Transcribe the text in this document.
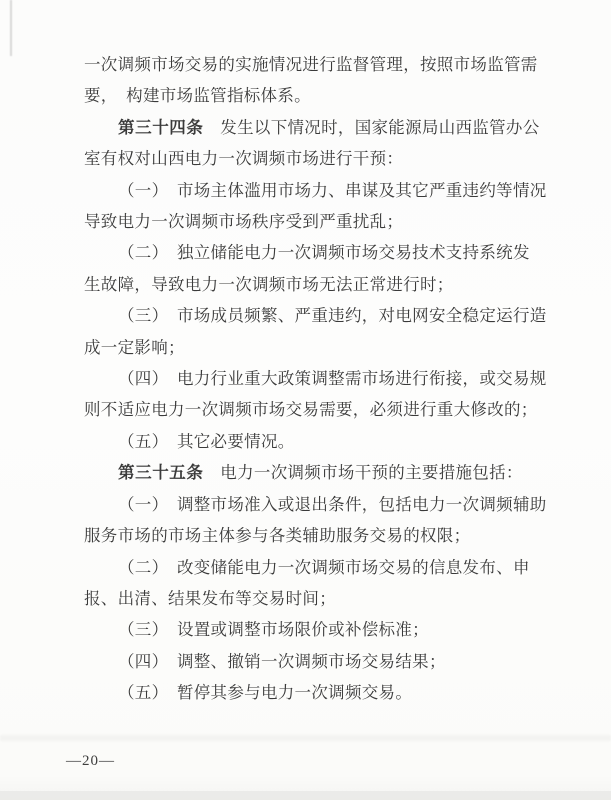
一次调频市场交易的实施情况进行监督管理，按照市场监管需
要，　构建市场监管指标体系。
第三十四条　发生以下情况时，国家能源局山西监管办公
室有权对山西电力一次调频市场进行干预：
（一）　市场主体滥用市场力、串谋及其它严重违约等情况
导致电力一次调频市场秩序受到严重扰乱；
（二）　独立储能电力一次调频市场交易技术支持系统发
生故障，导致电力一次调频市场无法正常进行时；
（三）　市场成员频繁、严重违约，对电网安全稳定运行造
成一定影响；
（四）　电力行业重大政策调整需市场进行衔接，或交易规
则不适应电力一次调频市场交易需要，必须进行重大修改的；
（五）　其它必要情况。
第三十五条　电力一次调频市场干预的主要措施包括：
（一）　调整市场准入或退出条件，包括电力一次调频辅助
服务市场的市场主体参与各类辅助服务交易的权限；
（二）　改变储能电力一次调频市场交易的信息发布、申
报、出清、结果发布等交易时间；
（三）　设置或调整市场限价或补偿标准；
（四）　调整、撤销一次调频市场交易结果；
（五）　暂停其参与电力一次调频交易。
—20—
